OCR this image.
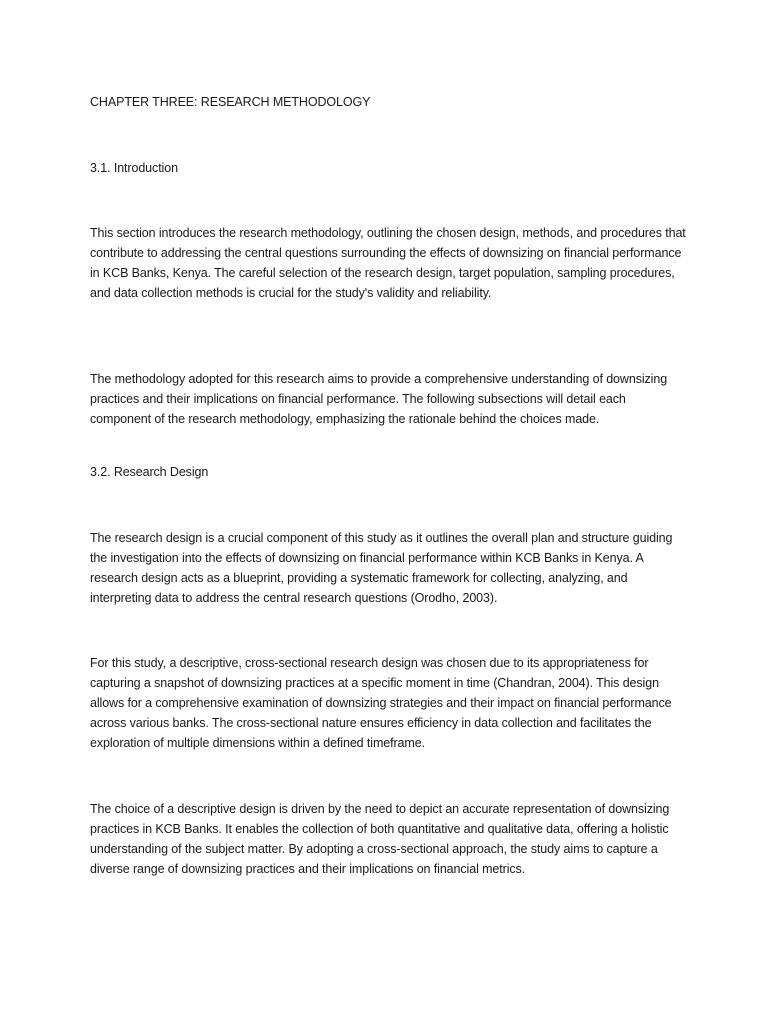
CHAPTER THREE: RESEARCH METHODOLOGY

3.1. Introduction

This section introduces the research methodology, outlining the chosen design, methods, and procedures that contribute to addressing the central questions surrounding the effects of downsizing on financial performance in KCB Banks, Kenya. The careful selection of the research design, target population, sampling procedures, and data collection methods is crucial for the study's validity and reliability.

The methodology adopted for this research aims to provide a comprehensive understanding of downsizing practices and their implications on financial performance. The following subsections will detail each component of the research methodology, emphasizing the rationale behind the choices made.

3.2. Research Design

The research design is a crucial component of this study as it outlines the overall plan and structure guiding the investigation into the effects of downsizing on financial performance within KCB Banks in Kenya. A research design acts as a blueprint, providing a systematic framework for collecting, analyzing, and interpreting data to address the central research questions (Orodho, 2003).

For this study, a descriptive, cross-sectional research design was chosen due to its appropriateness for capturing a snapshot of downsizing practices at a specific moment in time (Chandran, 2004). This design allows for a comprehensive examination of downsizing strategies and their impact on financial performance across various banks. The cross-sectional nature ensures efficiency in data collection and facilitates the exploration of multiple dimensions within a defined timeframe.

The choice of a descriptive design is driven by the need to depict an accurate representation of downsizing practices in KCB Banks. It enables the collection of both quantitative and qualitative data, offering a holistic understanding of the subject matter. By adopting a cross-sectional approach, the study aims to capture a diverse range of downsizing practices and their implications on financial metrics.
